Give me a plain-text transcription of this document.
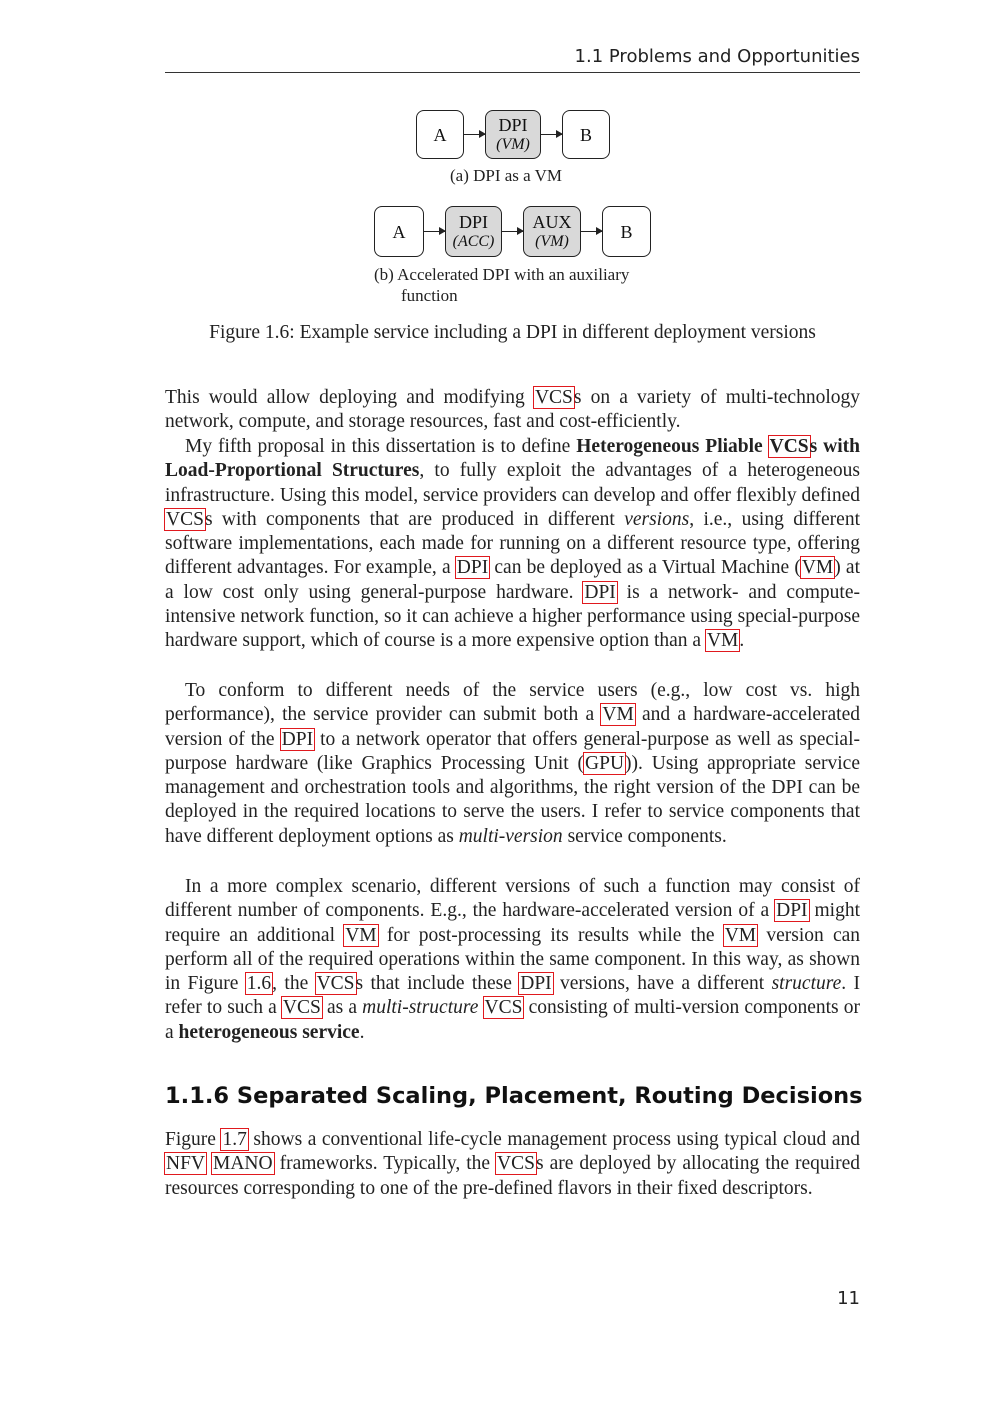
1.1 Problems and Opportunities
A	DPI
(VM)	B
(a) DPI as a VM
A	DPI
(ACC)
AUX
(VM)	B
(b) Accelerated DPI with an auxiliary
function
Figure 1.6: Example service including a DPI in different deployment versions

This would allow deploying and modifying VCSs on a variety of multi-technology network, compute, and storage resources, fast and cost-efficiently.

My fifth proposal in this dissertation is to define Heterogeneous Pliable VCSs with Load-Proportional Structures, to fully exploit the advantages of a heterogeneous infrastructure. Using this model, service providers can develop and offer flexibly defined VCSs with components that are produced in different versions, i.e., using different software implementations, each made for running on a different resource type, offering different advantages. For example, a DPI can be deployed as a Virtual Machine (VM) at a low cost only using general-purpose hardware. DPI is a network- and compute-intensive network function, so it can achieve a higher performance using special-purpose hardware support, which of course is a more expensive option than a VM.

To conform to different needs of the service users (e.g., low cost vs. high performance), the service provider can submit both a VM and a hardware-accelerated version of the DPI to a network operator that offers general-purpose as well as special-purpose hardware (like Graphics Processing Unit (GPU)). Using appropriate service management and orchestration tools and algorithms, the right version of the DPI can be deployed in the required locations to serve the users. I refer to service components that have different deployment options as multi-version service components.

In a more complex scenario, different versions of such a function may consist of different number of components. E.g., the hardware-accelerated version of a DPI might require an additional VM for post-processing its results while the VM version can perform all of the required operations within the same component. In this way, as shown in Figure 1.6, the VCSs that include these DPI versions, have a different structure. I refer to such a VCS as a multi-structure VCS consisting of multi-version components or a heterogeneous service.

1.1.6 Separated Scaling, Placement, Routing Decisions

Figure 1.7 shows a conventional life-cycle management process using typical cloud and NFV MANO frameworks. Typically, the VCSs are deployed by allocating the required resources corresponding to one of the pre-defined flavors in their fixed descriptors.

11
